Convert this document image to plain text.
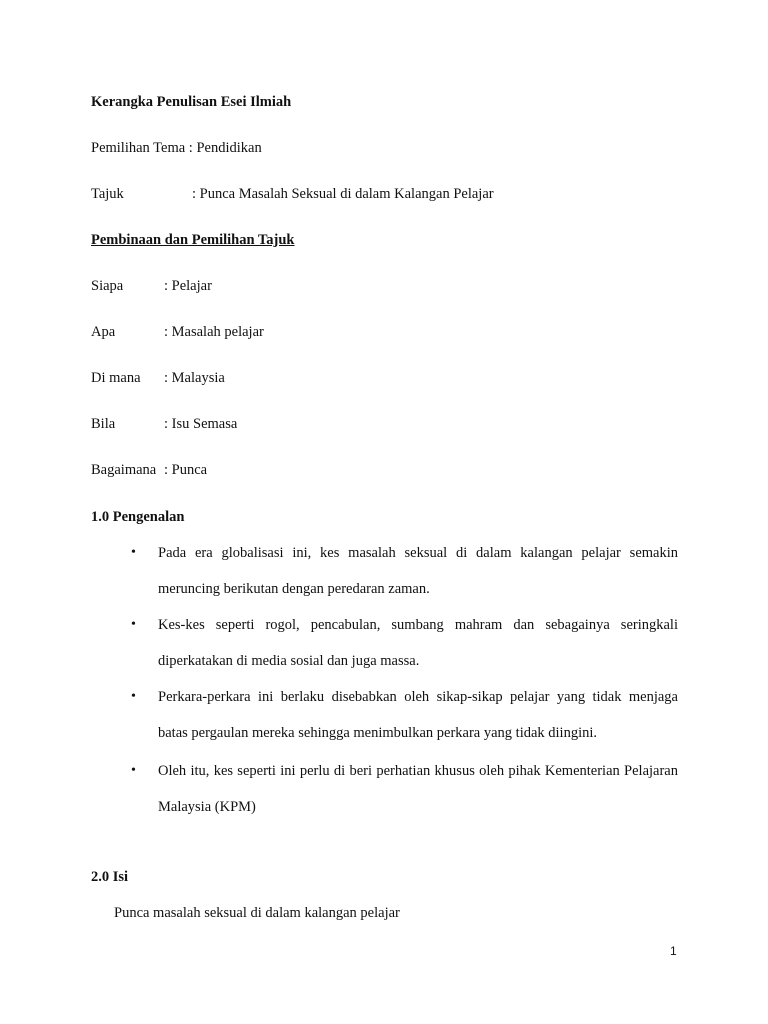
Kerangka Penulisan Esei Ilmiah
Pemilihan Tema : Pendidikan
Tajuk	: Punca Masalah Seksual di dalam Kalangan Pelajar
Pembinaan dan Pemilihan Tajuk
Siapa	: Pelajar
Apa	: Masalah pelajar
Di mana : Malaysia
Bila	: Isu Semasa
Bagaimana : Punca
1.0 Pengenalan
• Pada era globalisasi ini, kes masalah seksual di dalam kalangan pelajar semakin
meruncing berikutan dengan peredaran zaman.
• Kes-kes seperti rogol, pencabulan, sumbang mahram dan sebagainya seringkali
diperkatakan di media sosial dan juga massa.
• Perkara-perkara ini berlaku disebabkan oleh sikap-sikap pelajar yang tidak menjaga
batas pergaulan mereka sehingga menimbulkan perkara yang tidak diingini.
• Oleh itu, kes seperti ini perlu di beri perhatian khusus oleh pihak Kementerian Pelajaran
Malaysia (KPM)
2.0 Isi
Punca masalah seksual di dalam kalangan pelajar
1
